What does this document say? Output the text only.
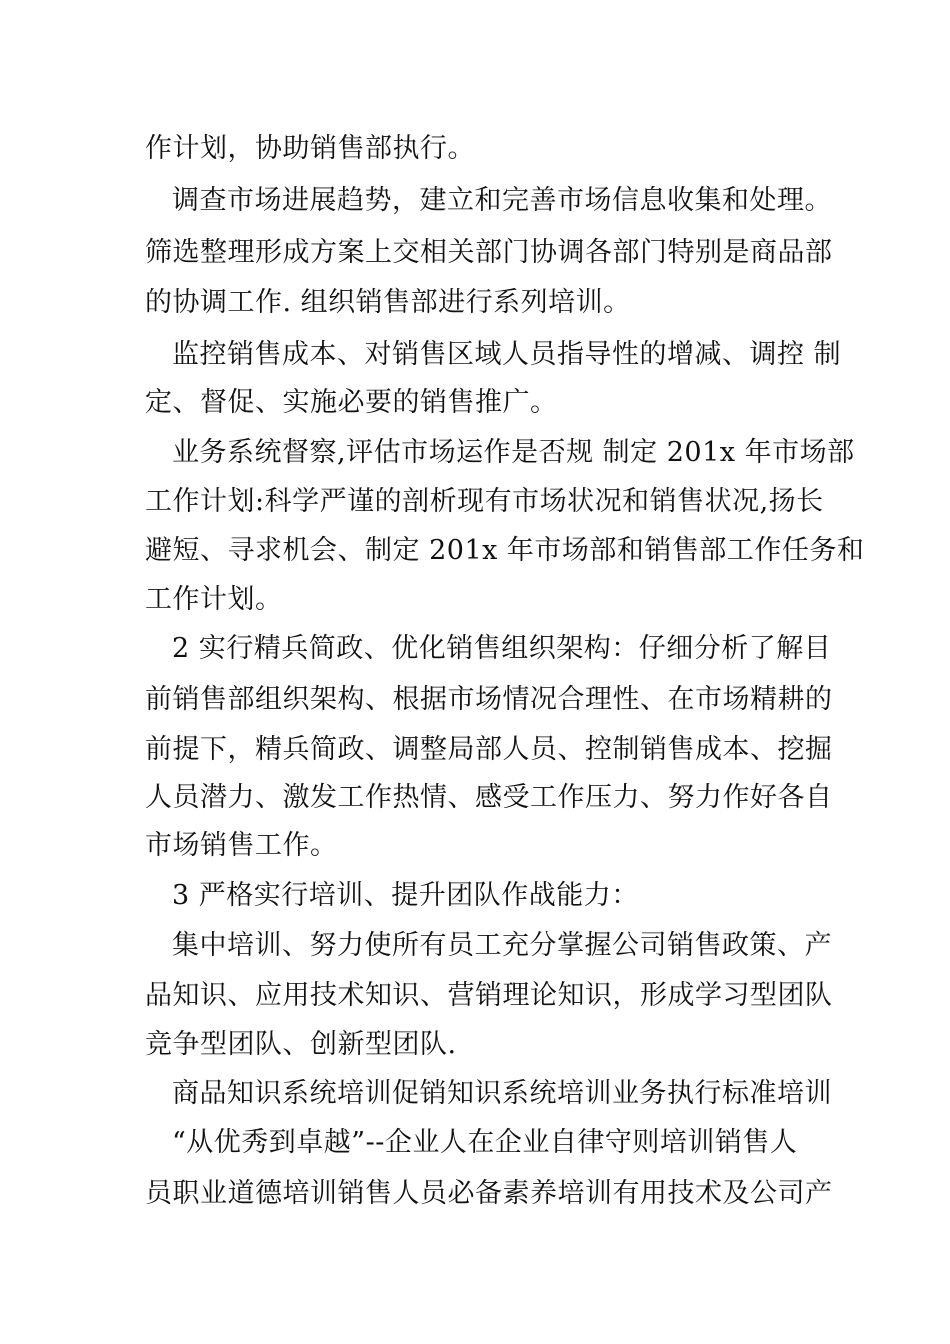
作计划，协助销售部执行。
调查市场进展趋势，建立和完善市场信息收集和处理。
筛选整理形成方案上交相关部门协调各部门特别是商品部
的协调工作. 组织销售部进行系列培训。
监控销售成本、对销售区域人员指导性的增减、调控 制
定、督促、实施必要的销售推广。
业务系统督察,评估市场运作是否规 制定 201x 年市场部
工作计划:科学严谨的剖析现有市场状况和销售状况,扬长
避短、寻求机会、制定 201x 年市场部和销售部工作任务和
工作计划。
2 实行精兵简政、优化销售组织架构：仔细分析了解目
前销售部组织架构、根据市场情况合理性、在市场精耕的
前提下，精兵简政、调整局部人员、控制销售成本、挖掘
人员潜力、激发工作热情、感受工作压力、努力作好各自
市场销售工作。
3 严格实行培训、提升团队作战能力：
集中培训、努力使所有员工充分掌握公司销售政策、产
品知识、应用技术知识、营销理论知识，形成学习型团队
竞争型团队、创新型团队.
商品知识系统培训促销知识系统培训业务执行标准培训
“从优秀到卓越”--企业人在企业自律守则培训销售人
员职业道德培训销售人员必备素养培训有用技术及公司产
